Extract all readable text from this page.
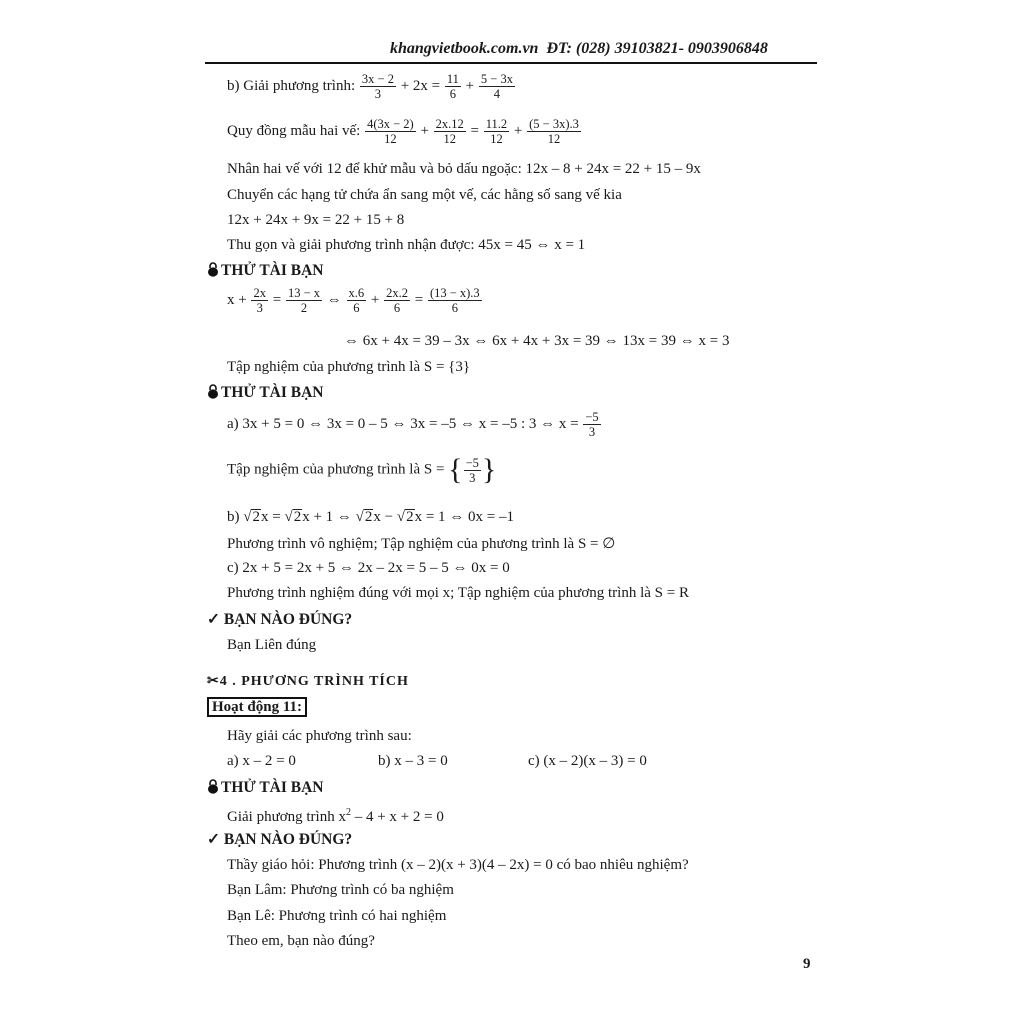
khangvietbook.com.vn ĐT: (028) 39103821- 0903906848
b) Giải phương trình: $\frac{3x - 2}{3} + 2x = \frac{11}{6} + \frac{5 - 3x}{4}$
Quy đồng mẫu hai vế: $\frac{4(3x - 2)}{12} + \frac{2x.12}{12} = \frac{11.2}{12} + \frac{(5 - 3x).3}{12}$
Nhân hai vế với 12 để khử mẫu và bỏ dấu ngoặc: 12x – 8 + 24x = 22 + 15 – 9x
Chuyển các hạng tử chứa ẩn sang một vế, các hằng số sang vế kia
12x + 24x + 9x = 22 + 15 + 8
Thu gọn và giải phương trình nhận được: 45x = 45 ⇔ x = 1
THỬ TÀI BẠN
$x + \frac{2x}{3} = \frac{13 - x}{2}$ ⇔ $\frac{x.6}{6} + \frac{2x.2}{6} = \frac{(13 - x).3}{6}$
⇔ 6x + 4x = 39 – 3x ⇔ 6x + 4x + 3x = 39 ⇔ 13x = 39 ⇔ x = 3
Tập nghiệm của phương trình là S = {3}
THỬ TÀI BẠN
a) 3x + 5 = 0 ⇔ 3x = 0 – 5 ⇔ 3x = –5 ⇔ x = –5 : 3 ⇔ $x = \frac{-5}{3}$
Tập nghiệm của phương trình là S = { $\frac{-5}{3}$ }
b) √2x = √2x + 1 ⇔ √2x − √2x = 1 ⇔ 0x = –1
Phương trình vô nghiệm; Tập nghiệm của phương trình là S = ∅
c) 2x + 5 = 2x + 5 ⇔ 2x – 2x = 5 – 5 ⇔ 0x = 0
Phương trình nghiệm đúng với mọi x; Tập nghiệm của phương trình là S = R
✓ BẠN NÀO ĐÚNG?
Bạn Liên đúng
✂4 . PHƯƠNG TRÌNH TÍCH
Hoạt động 11:
Hãy giải các phương trình sau:
a) x – 2 = 0	b) x – 3 = 0	c) (x – 2)(x – 3) = 0
THỬ TÀI BẠN
Giải phương trình $x^2 - 4 + x + 2 = 0$
✓ BẠN NÀO ĐÚNG?
Thầy giáo hỏi: Phương trình (x – 2)(x + 3)(4 – 2x) = 0 có bao nhiêu nghiệm?
Bạn Lâm: Phương trình có ba nghiệm
Bạn Lê: Phương trình có hai nghiệm
Theo em, bạn nào đúng?
9
